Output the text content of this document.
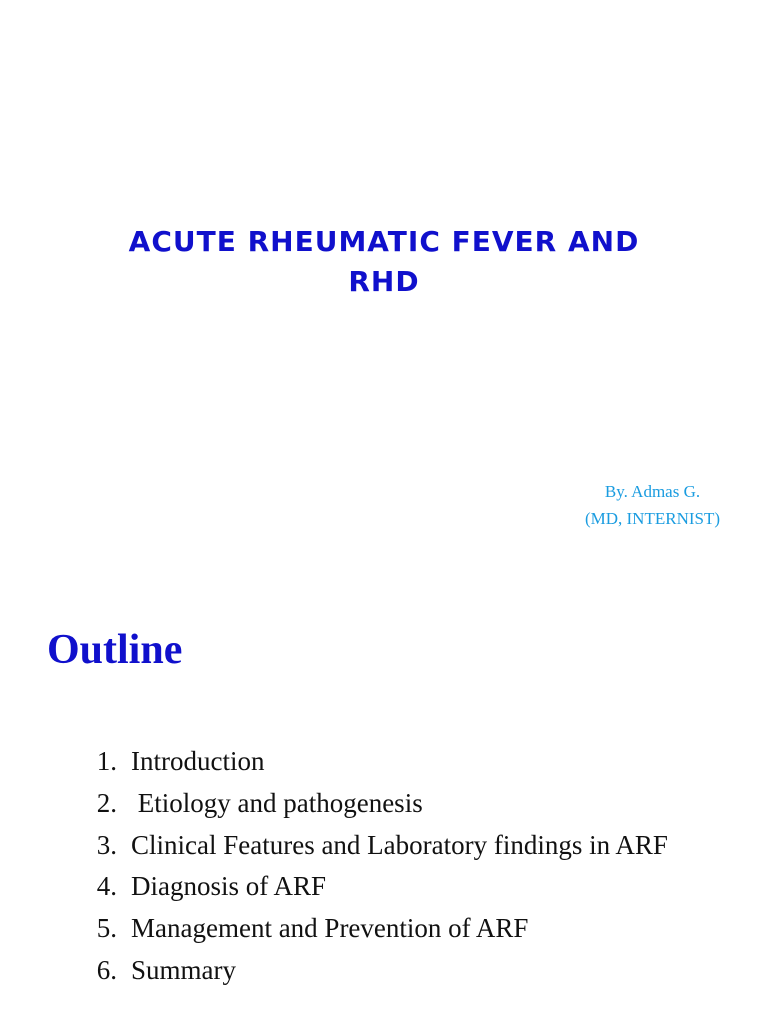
ACUTE RHEUMATIC FEVER AND
RHD
By. Admas G.
(MD, INTERNIST)
Outline
1. Introduction
2. Etiology and pathogenesis
3. Clinical Features and Laboratory findings in ARF
4. Diagnosis of ARF
5. Management and Prevention of ARF
6. Summary
